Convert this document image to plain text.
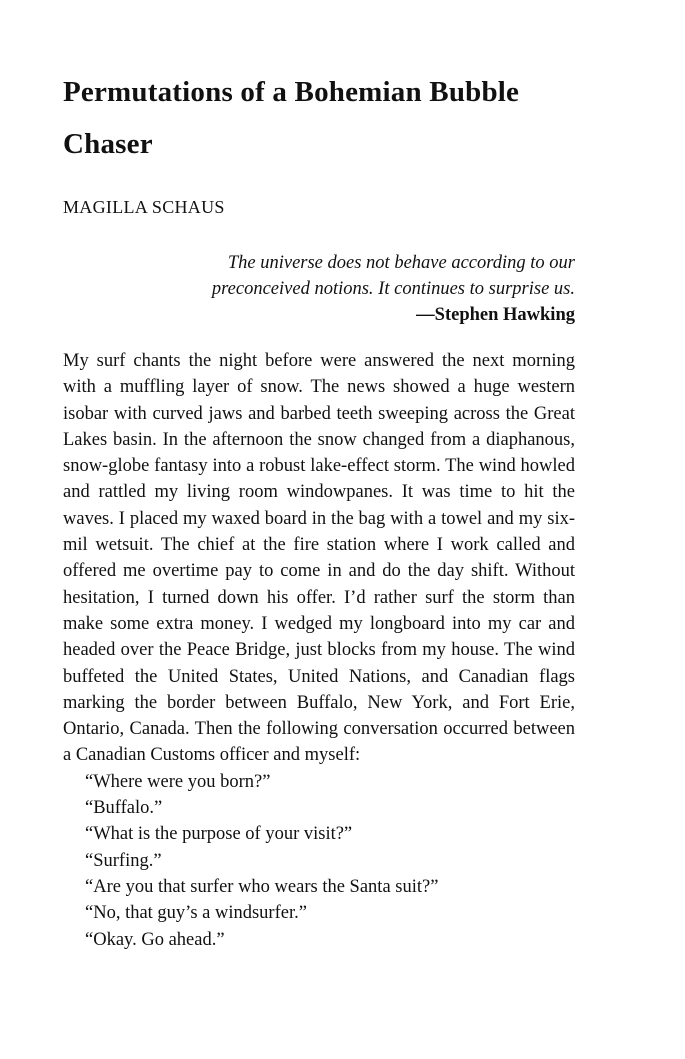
Permutations of a Bohemian Bubble Chaser
MAGILLA SCHAUS
The universe does not behave according to our
preconceived notions. It continues to surprise us.
—Stephen Hawking

My surf chants the night before were answered the next morning with a muffling layer of snow. The news showed a huge western isobar with curved jaws and barbed teeth sweeping across the Great Lakes basin. In the afternoon the snow changed from a diaphanous, snow-globe fantasy into a robust lake-effect storm. The wind howled and rattled my living room windowpanes. It was time to hit the waves. I placed my waxed board in the bag with a towel and my six-mil wetsuit. The chief at the fire station where I work called and offered me overtime pay to come in and do the day shift. Without hesitation, I turned down his offer. I’d rather surf the storm than make some extra money. I wedged my longboard into my car and headed over the Peace Bridge, just blocks from my house. The wind buffeted the United States, United Nations, and Canadian flags marking the border between Buffalo, New York, and Fort Erie, Ontario, Canada. Then the following conversation occurred between a Canadian Customs officer and myself:

“Where were you born?”

“Buffalo.”

“What is the purpose of your visit?”

“Surfing.”

“Are you that surfer who wears the Santa suit?”

“No, that guy’s a windsurfer.”

“Okay. Go ahead.”
